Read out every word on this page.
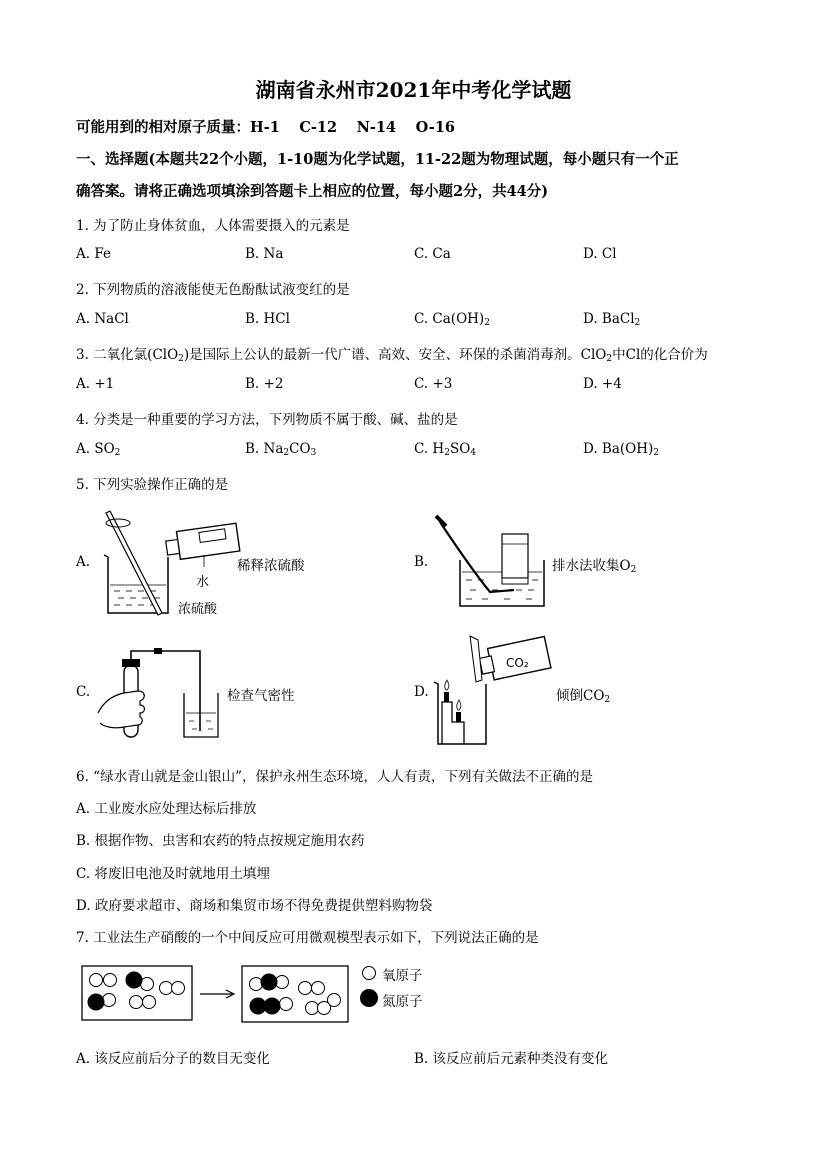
湖南省永州市2021年中考化学试题
可能用到的相对原子质量：H-1　 C-12　 N-14　 O-16
一、选择题(本题共22个小题，1-10题为化学试题，11-22题为物理试题，每小题只有一个正
确答案。请将正确选项填涂到答题卡上相应的位置，每小题2分，共44分)
1. 为了防止身体贫血，人体需要摄入的元素是
A. Fe	B. Na	C. Ca	D. Cl
2. 下列物质的溶液能使无色酚酞试液变红的是
A. NaCl	B. HCl	C. $Ca(OH)_2$	D. BaCl$_2$
3. 二氧化氯(ClO$_2$)是国际上公认的最新一代广谱、高效、安全、环保的杀菌消毒剂。ClO$_2$中Cl的化合价为
A. +1	B. +2	C. +3	D. +4
4. 分类是一种重要的学习方法，下列物质不属于酸、碱、盐的是
A. $SO_2$	B. $Na_2CO_3$	C. $H_2SO_4$	D. $Ba(OH)_2$
5. 下列实验操作正确的是
A.
水
浓硫酸
稀释浓硫酸	B.	排水法收集$O_2$
C.	检查气密性	D.
CO₂
倾倒$CO_2$
6. “绿水青山就是金山银山”，保护永州生态环境，人人有责，下列有关做法不正确的是
A. 工业废水应处理达标后排放
B. 根据作物、虫害和农药的特点按规定施用农药
C. 将废旧电池及时就地用土填埋
D. 政府要求超市、商场和集贸市场不得免费提供塑料购物袋
7. 工业法生产硝酸的一个中间反应可用微观模型表示如下，下列说法正确的是
氧原子
氮原子
A. 该反应前后分子的数目无变化	B. 该反应前后元素种类没有变化
